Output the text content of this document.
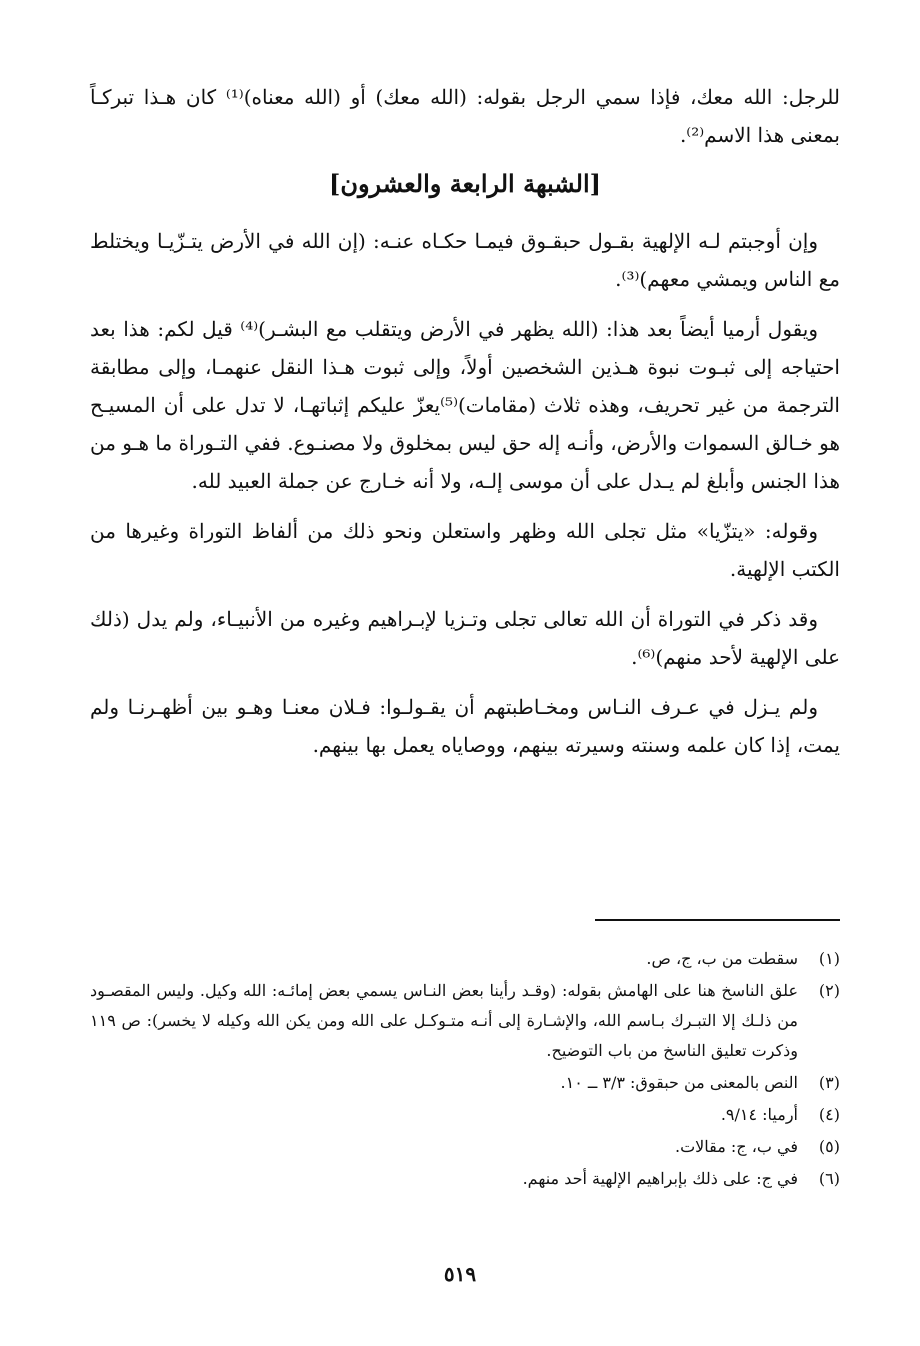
للرجل: الله معك، فإذا سمي الرجل بقوله: (الله معك) أو (الله معناه)⁽¹⁾ كان هـذا تبركـاً بمعنى هذا الاسم⁽²⁾.

[الشبهة الرابعة والعشرون]

وإن أوجبتم لـه الإلهية بقـول حبقـوق فيمـا حكـاه عنـه: (إن الله في الأرض يتـزّيـا ويختلط مع الناس ويمشي معهم)⁽³⁾.

ويقول أرميا أيضاً بعد هذا: (الله يظهر في الأرض ويتقلب مع البشـر)⁽⁴⁾ قيل لكم: هذا بعد احتياجه إلى ثبـوت نبوة هـذين الشخصين أولاً، وإلى ثبوت هـذا النقل عنهمـا، وإلى مطابقة الترجمة من غير تحريف، وهذه ثلاث (مقامات)⁽⁵⁾يعزّ عليكم إثباتهـا، لا تدل على أن المسيـح هو خـالق السموات والأرض، وأنـه إله حق ليس بمخلوق ولا مصنـوع. ففي التـوراة ما هـو من هذا الجنس وأبلغ لم يـدل على أن موسى إلـه، ولا أنه خـارج عن جملة العبيد لله.

وقوله: «يتزّيا» مثل تجلى الله وظهر واستعلن ونحو ذلك من ألفاظ التوراة وغيرها من الكتب الإلهية.

وقد ذكر في التوراة أن الله تعالى تجلى وتـزيا لإبـراهيم وغيره من الأنبيـاء، ولم يدل (ذلك على الإلهية لأحد منهم)⁽⁶⁾.

ولم يـزل في عـرف النـاس ومخـاطبتهم أن يقـولـوا: فـلان معنـا وهـو بين أظهـرنـا ولم يمت، إذا كان علمه وسنته وسيرته بينهم، ووصاياه يعمل بها بينهم.

(١)
سقطت من ب، ج، ص.
(٢)
علق الناسخ هنا على الهامش بقوله: (وقـد رأينا بعض النـاس يسمي بعض إمائـه: الله وكيل. وليس المقصـود من ذلـك إلا التبـرك بـاسم الله، والإشـارة إلى أنـه متـوكـل على الله ومن يكن الله وكيله لا يخسر): ص ١١٩ وذكرت تعليق الناسخ من باب التوضيح.
(٣)
النص بالمعنى من حبقوق: ٣/٣ ــ ١٠.
(٤)
أرميا: ٩/١٤.
(٥)
في ب، ج: مقالات.
(٦)
في ج: على ذلك بإبراهيم الإلهية أحد منهم.
٥١٩
